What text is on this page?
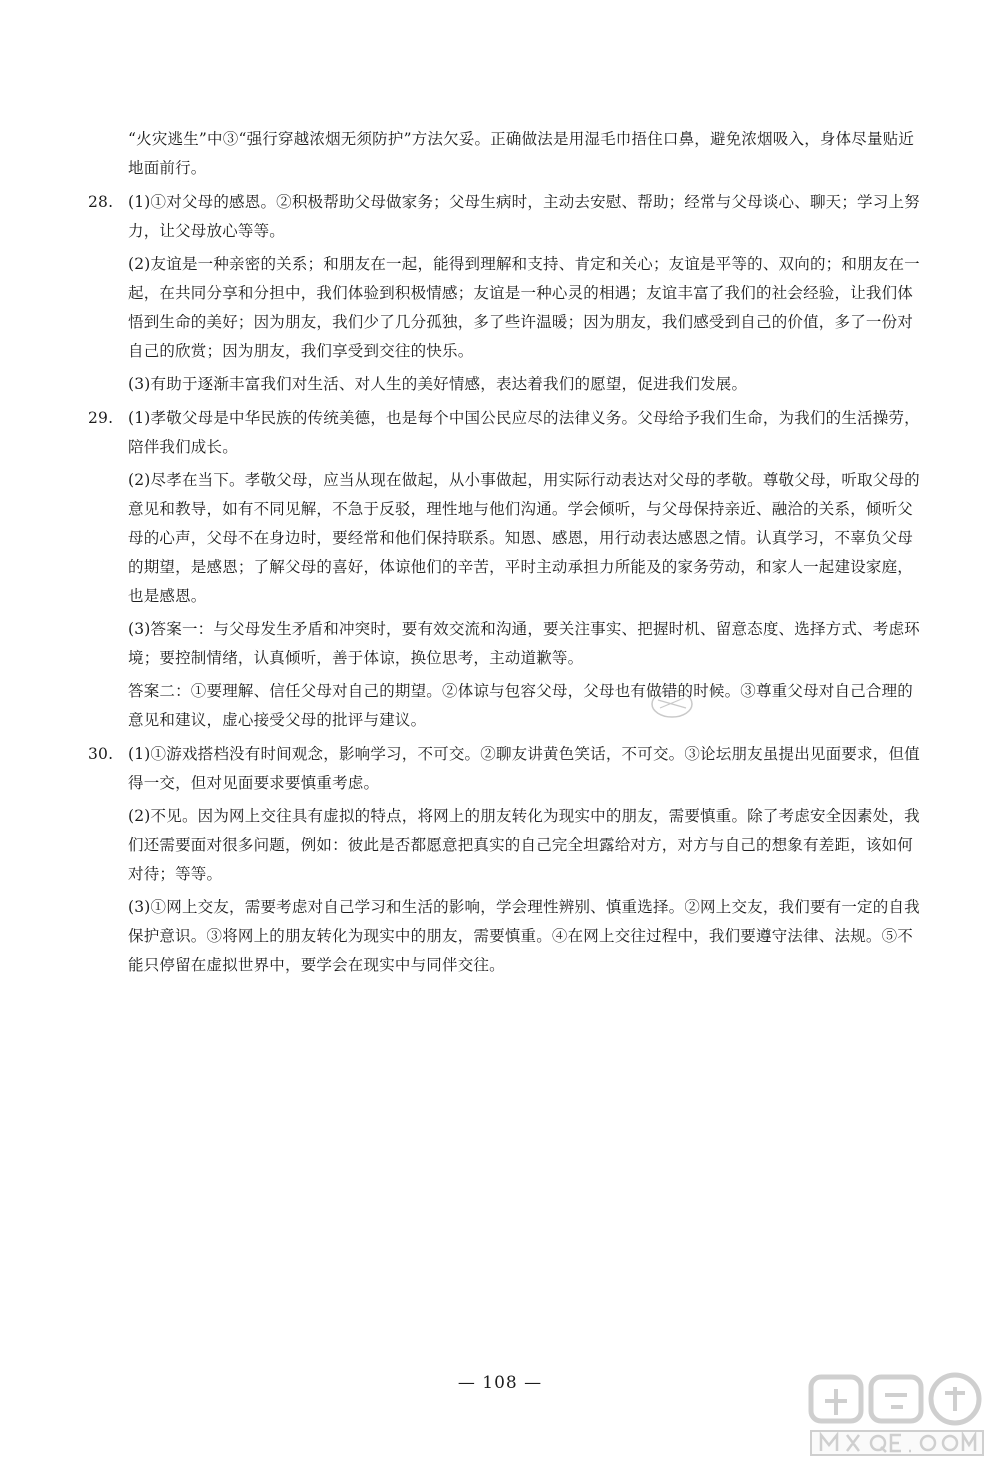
“火灾逃生”中③“强行穿越浓烟无须防护”方法欠妥。正确做法是用湿毛巾捂住口鼻，避免浓烟吸入，身体尽量贴近地面前行。
28. (1)①对父母的感恩。②积极帮助父母做家务；父母生病时，主动去安慰、帮助；经常与父母谈心、聊天；学习上努力，让父母放心等等。
(2)友谊是一种亲密的关系；和朋友在一起，能得到理解和支持、肯定和关心；友谊是平等的、双向的；和朋友在一起，在共同分享和分担中，我们体验到积极情感；友谊是一种心灵的相遇；友谊丰富了我们的社会经验，让我们体悟到生命的美好；因为朋友，我们少了几分孤独，多了些许温暖；因为朋友，我们感受到自己的价值，多了一份对自己的欣赏；因为朋友，我们享受到交往的快乐。
(3)有助于逐渐丰富我们对生活、对人生的美好情感，表达着我们的愿望，促进我们发展。
29. (1)孝敬父母是中华民族的传统美德，也是每个中国公民应尽的法律义务。父母给予我们生命，为我们的生活操劳，陪伴我们成长。
(2)尽孝在当下。孝敬父母，应当从现在做起，从小事做起，用实际行动表达对父母的孝敬。尊敬父母，听取父母的意见和教导，如有不同见解，不急于反驳，理性地与他们沟通。学会倾听，与父母保持亲近、融洽的关系，倾听父母的心声，父母不在身边时，要经常和他们保持联系。知恩、感恩，用行动表达感恩之情。认真学习，不辜负父母的期望，是感恩；了解父母的喜好，体谅他们的辛苦，平时主动承担力所能及的家务劳动，和家人一起建设家庭，也是感恩。
(3)答案一：与父母发生矛盾和冲突时，要有效交流和沟通，要关注事实、把握时机、留意态度、选择方式、考虑环境；要控制情绪，认真倾听，善于体谅，换位思考，主动道歉等。
答案二：①要理解、信任父母对自己的期望。②体谅与包容父母，父母也有做错的时候。③尊重父母对自己合理的意见和建议，虚心接受父母的批评与建议。
30. (1)①游戏搭档没有时间观念，影响学习，不可交。②聊友讲黄色笑话，不可交。③论坛朋友虽提出见面要求，但值得一交，但对见面要求要慎重考虑。
(2)不见。因为网上交往具有虚拟的特点，将网上的朋友转化为现实中的朋友，需要慎重。除了考虑安全因素处，我们还需要面对很多问题，例如：彼此是否都愿意把真实的自己完全坦露给对方，对方与自己的想象有差距，该如何对待；等等。
(3)①网上交友，需要考虑对自己学习和生活的影响，学会理性辨别、慎重选择。②网上交友，我们要有一定的自我保护意识。③将网上的朋友转化为现实中的朋友，需要慎重。④在网上交往过程中，我们要遵守法律、法规。⑤不能只停留在虚拟世界中，要学会在现实中与同伴交往。
— 108 —
